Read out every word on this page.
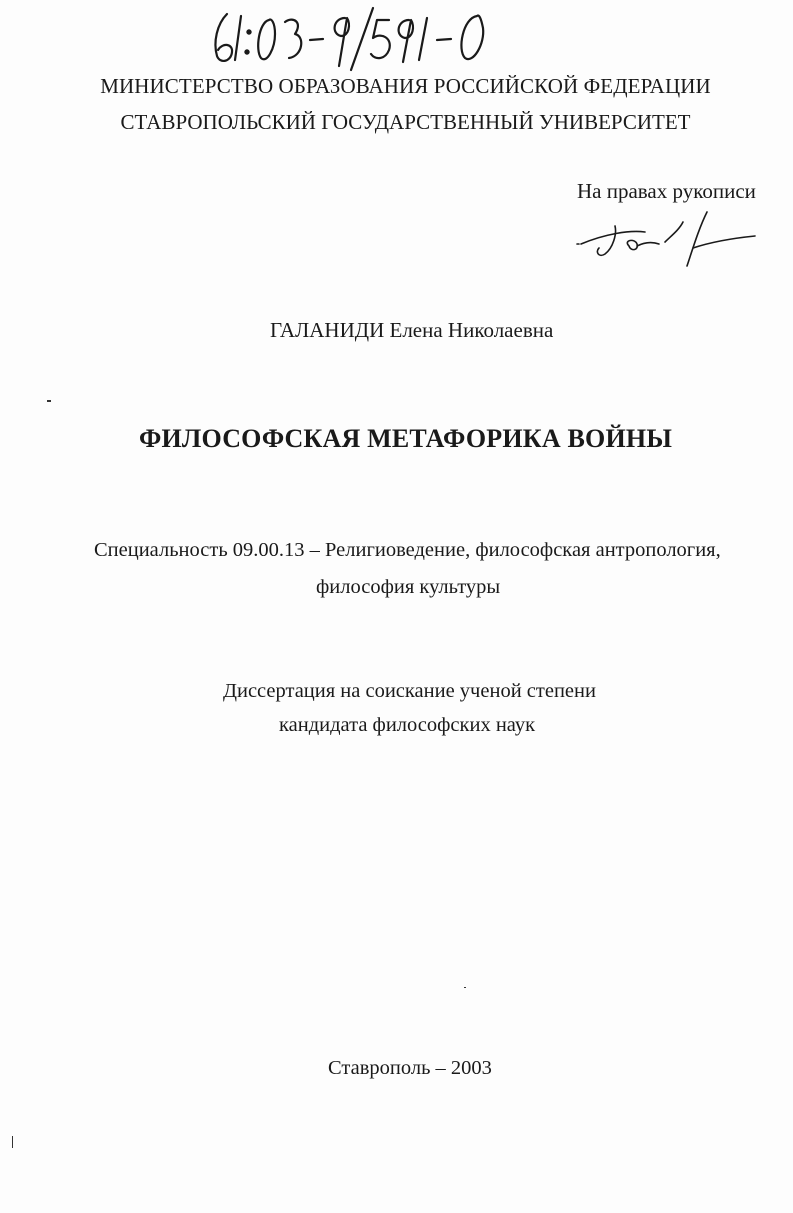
МИНИСТЕРСТВО ОБРАЗОВАНИЯ РОССИЙСКОЙ ФЕДЕРАЦИИ
СТАВРОПОЛЬСКИЙ ГОСУДАРСТВЕННЫЙ УНИВЕРСИТЕТ
На правах рукописи
ГАЛАНИДИ Елена Николаевна
ФИЛОСОФСКАЯ МЕТАФОРИКА ВОЙНЫ
Специальность 09.00.13 – Религиоведение, философская антропология,
философия культуры
Диссертация на соискание ученой степени
кандидата философских наук
Ставрополь – 2003
